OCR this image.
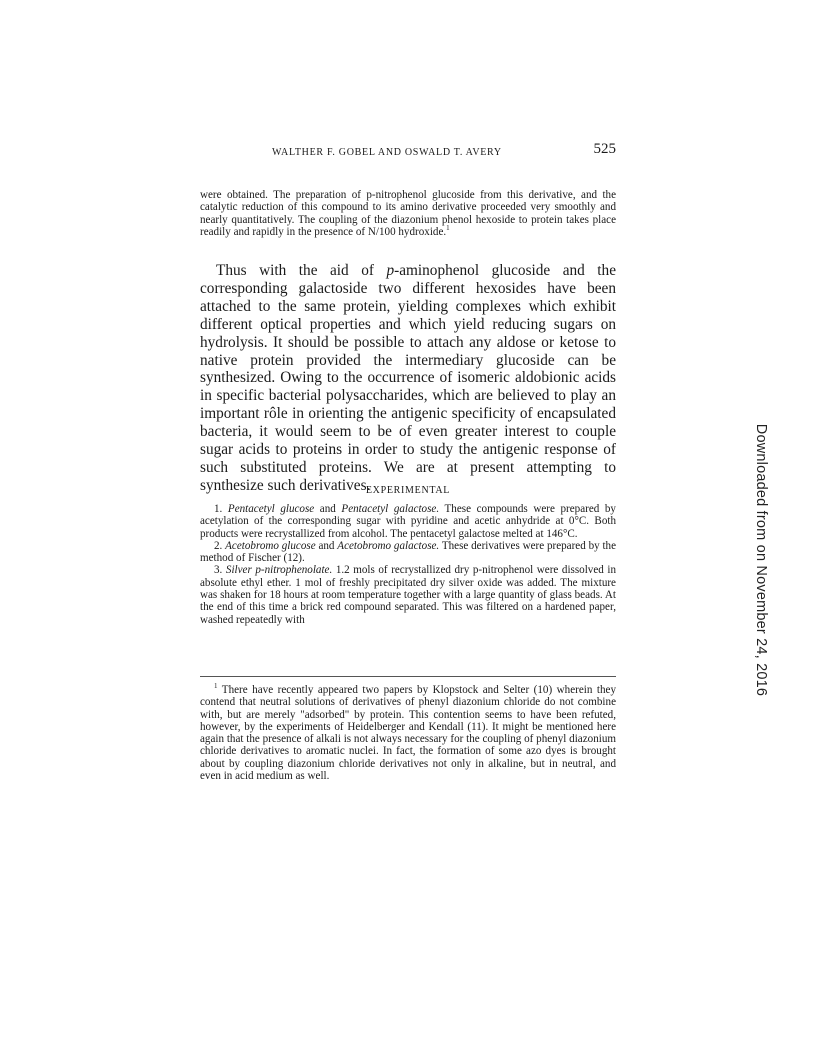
WALTHER F. GOBEL AND OSWALD T. AVERY	525

were obtained. The preparation of p-nitrophenol glucoside from this derivative, and the catalytic reduction of this compound to its amino derivative proceeded very smoothly and nearly quantitatively. The coupling of the diazonium phenol hexoside to protein takes place readily and rapidly in the presence of N/100 hydroxide.$^1$

Thus with the aid of p-aminophenol glucoside and the corresponding galactoside two different hexosides have been attached to the same protein, yielding complexes which exhibit different optical properties and which yield reducing sugars on hydrolysis. It should be possible to attach any aldose or ketose to native protein provided the intermediary glucoside can be synthesized. Owing to the occurrence of isomeric aldobionic acids in specific bacterial polysaccharides, which are believed to play an important rôle in orienting the antigenic specificity of encapsulated bacteria, it would seem to be of even greater interest to couple sugar acids to proteins in order to study the antigenic response of such substituted proteins. We are at present attempting to synthesize such derivatives.

EXPERIMENTAL

1. Pentacetyl glucose and Pentacetyl galactose. These compounds were prepared by acetylation of the corresponding sugar with pyridine and acetic anhydride at 0°C. Both products were recrystallized from alcohol. The pentacetyl galactose melted at 146°C.

2. Acetobromo glucose and Acetobromo galactose. These derivatives were prepared by the method of Fischer (12).

3. Silver p-nitrophenolate. 1.2 mols of recrystallized dry p-nitrophenol were dissolved in absolute ethyl ether. 1 mol of freshly precipitated dry silver oxide was added. The mixture was shaken for 18 hours at room temperature together with a large quantity of glass beads. At the end of this time a brick red compound separated. This was filtered on a hardened paper, washed repeatedly with

$^1$ There have recently appeared two papers by Klopstock and Selter (10) wherein they contend that neutral solutions of derivatives of phenyl diazonium chloride do not combine with, but are merely "adsorbed" by protein. This contention seems to have been refuted, however, by the experiments of Heidelberger and Kendall (11). It might be mentioned here again that the presence of alkali is not always necessary for the coupling of phenyl diazonium chloride derivatives to aromatic nuclei. In fact, the formation of some azo dyes is brought about by coupling diazonium chloride derivatives not only in alkaline, but in neutral, and even in acid medium as well.

Downloaded from on November 24, 2016
